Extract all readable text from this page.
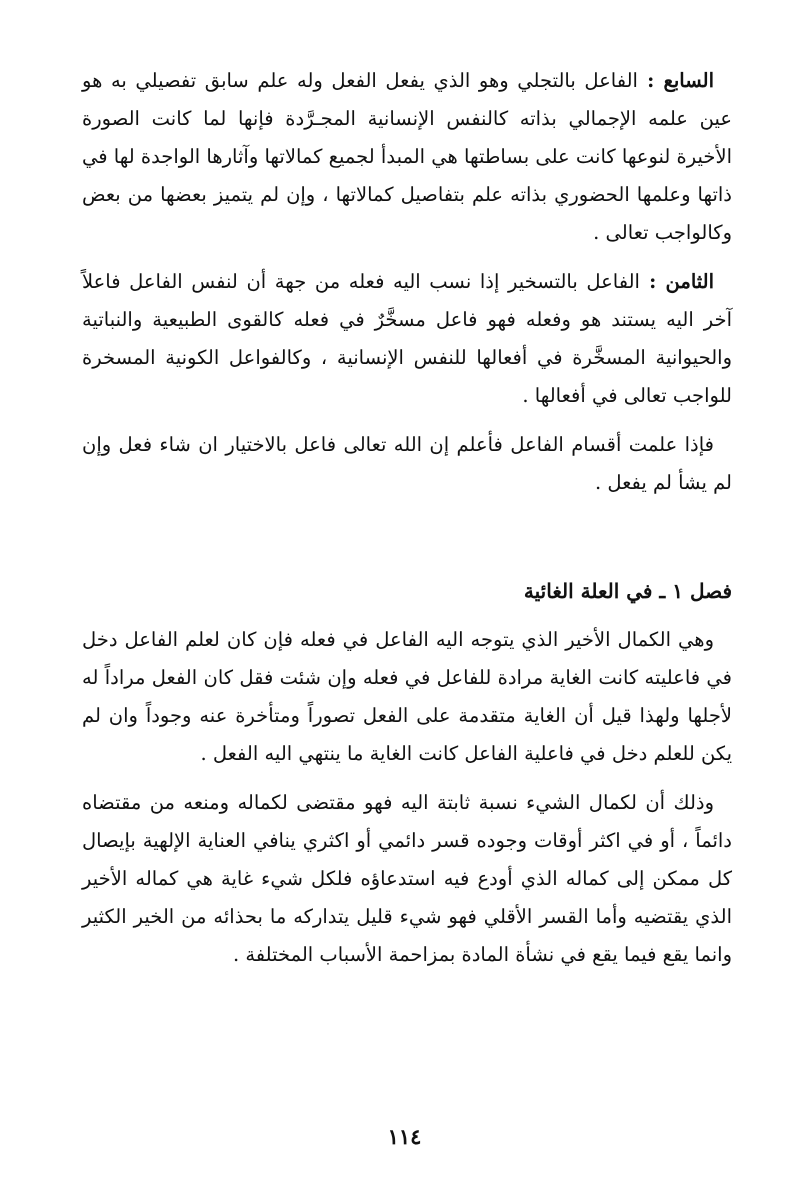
السابع : الفاعل بالتجلي وهو الذي يفعل الفعل وله علم سابق تفصيلي به هو عين علمه الإجمالي بذاته كالنفس الإنسانية المجـرَّدة فإنها لما كانت الصورة الأخيرة لنوعها كانت على بساطتها هي المبدأ لجميع كمالاتها وآثارها الواجدة لها في ذاتها وعلمها الحضوري بذاته علم بتفاصيل كمالاتها ، وإن لم يتميز بعضها من بعض وكالواجب تعالى .

الثامن : الفاعل بالتسخير إذا نسب اليه فعله من جهة أن لنفس الفاعل فاعلاً آخر اليه يستند هو وفعله فهو فاعل مسخَّرٌ في فعله كالقوى الطبيعية والنباتية والحيوانية المسخَّرة في أفعالها للنفس الإنسانية ، وكالفواعل الكونية المسخرة للواجب تعالى في أفعالها .

فإذا علمت أقسام الفاعل فأعلم إن الله تعالى فاعل بالاختيار ان شاء فعل وإن لم يشأ لم يفعل .

فصل ١ ـ في العلة الغائية

وهي الكمال الأخير الذي يتوجه اليه الفاعل في فعله فإن كان لعلم الفاعل دخل في فاعليته كانت الغاية مرادة للفاعل في فعله وإن شئت فقل كان الفعل مراداً له لأجلها ولهذا قيل أن الغاية متقدمة على الفعل تصوراً ومتأخرة عنه وجوداً وان لم يكن للعلم دخل في فاعلية الفاعل كانت الغاية ما ينتهي اليه الفعل .

وذلك أن لكمال الشيء نسبة ثابتة اليه فهو مقتضى لكماله ومنعه من مقتضاه دائماً ، أو في اكثر أوقات وجوده قسر دائمي أو اكثري ينافي العناية الإلهية بإيصال كل ممكن إلى كماله الذي أودع فيه استدعاؤه فلكل شيء غاية هي كماله الأخير الذي يقتضيه وأما القسر الأقلي فهو شيء قليل يتداركه ما بحذائه من الخير الكثير وانما يقع فيما يقع في نشأة المادة بمزاحمة الأسباب المختلفة .

١١٤
